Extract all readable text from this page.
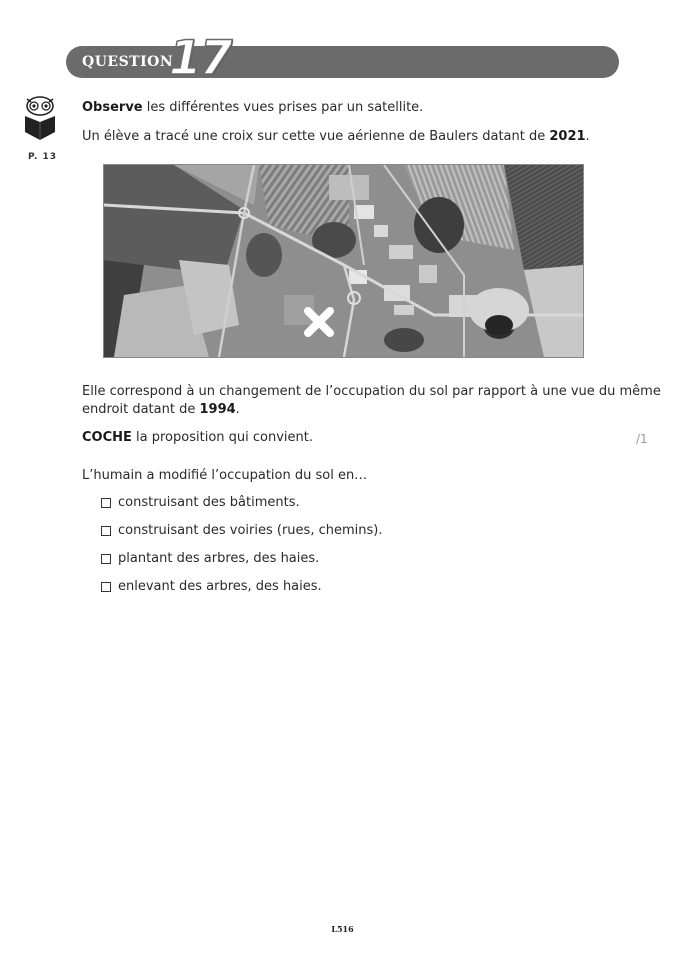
QUESTION
17
P. 13
Observe les différentes vues prises par un satellite.
Un élève a tracé une croix sur cette vue aérienne de Baulers datant de 2021.
Elle correspond à un changement de l’occupation du sol par rapport à une vue du même
endroit datant de 1994.
COCHE la proposition qui convient.	/1
L’humain a modifié l’occupation du sol en…
construisant des bâtiments.
construisant des voiries (rues, chemins).
plantant des arbres, des haies.
enlevant des arbres, des haies.
L516
